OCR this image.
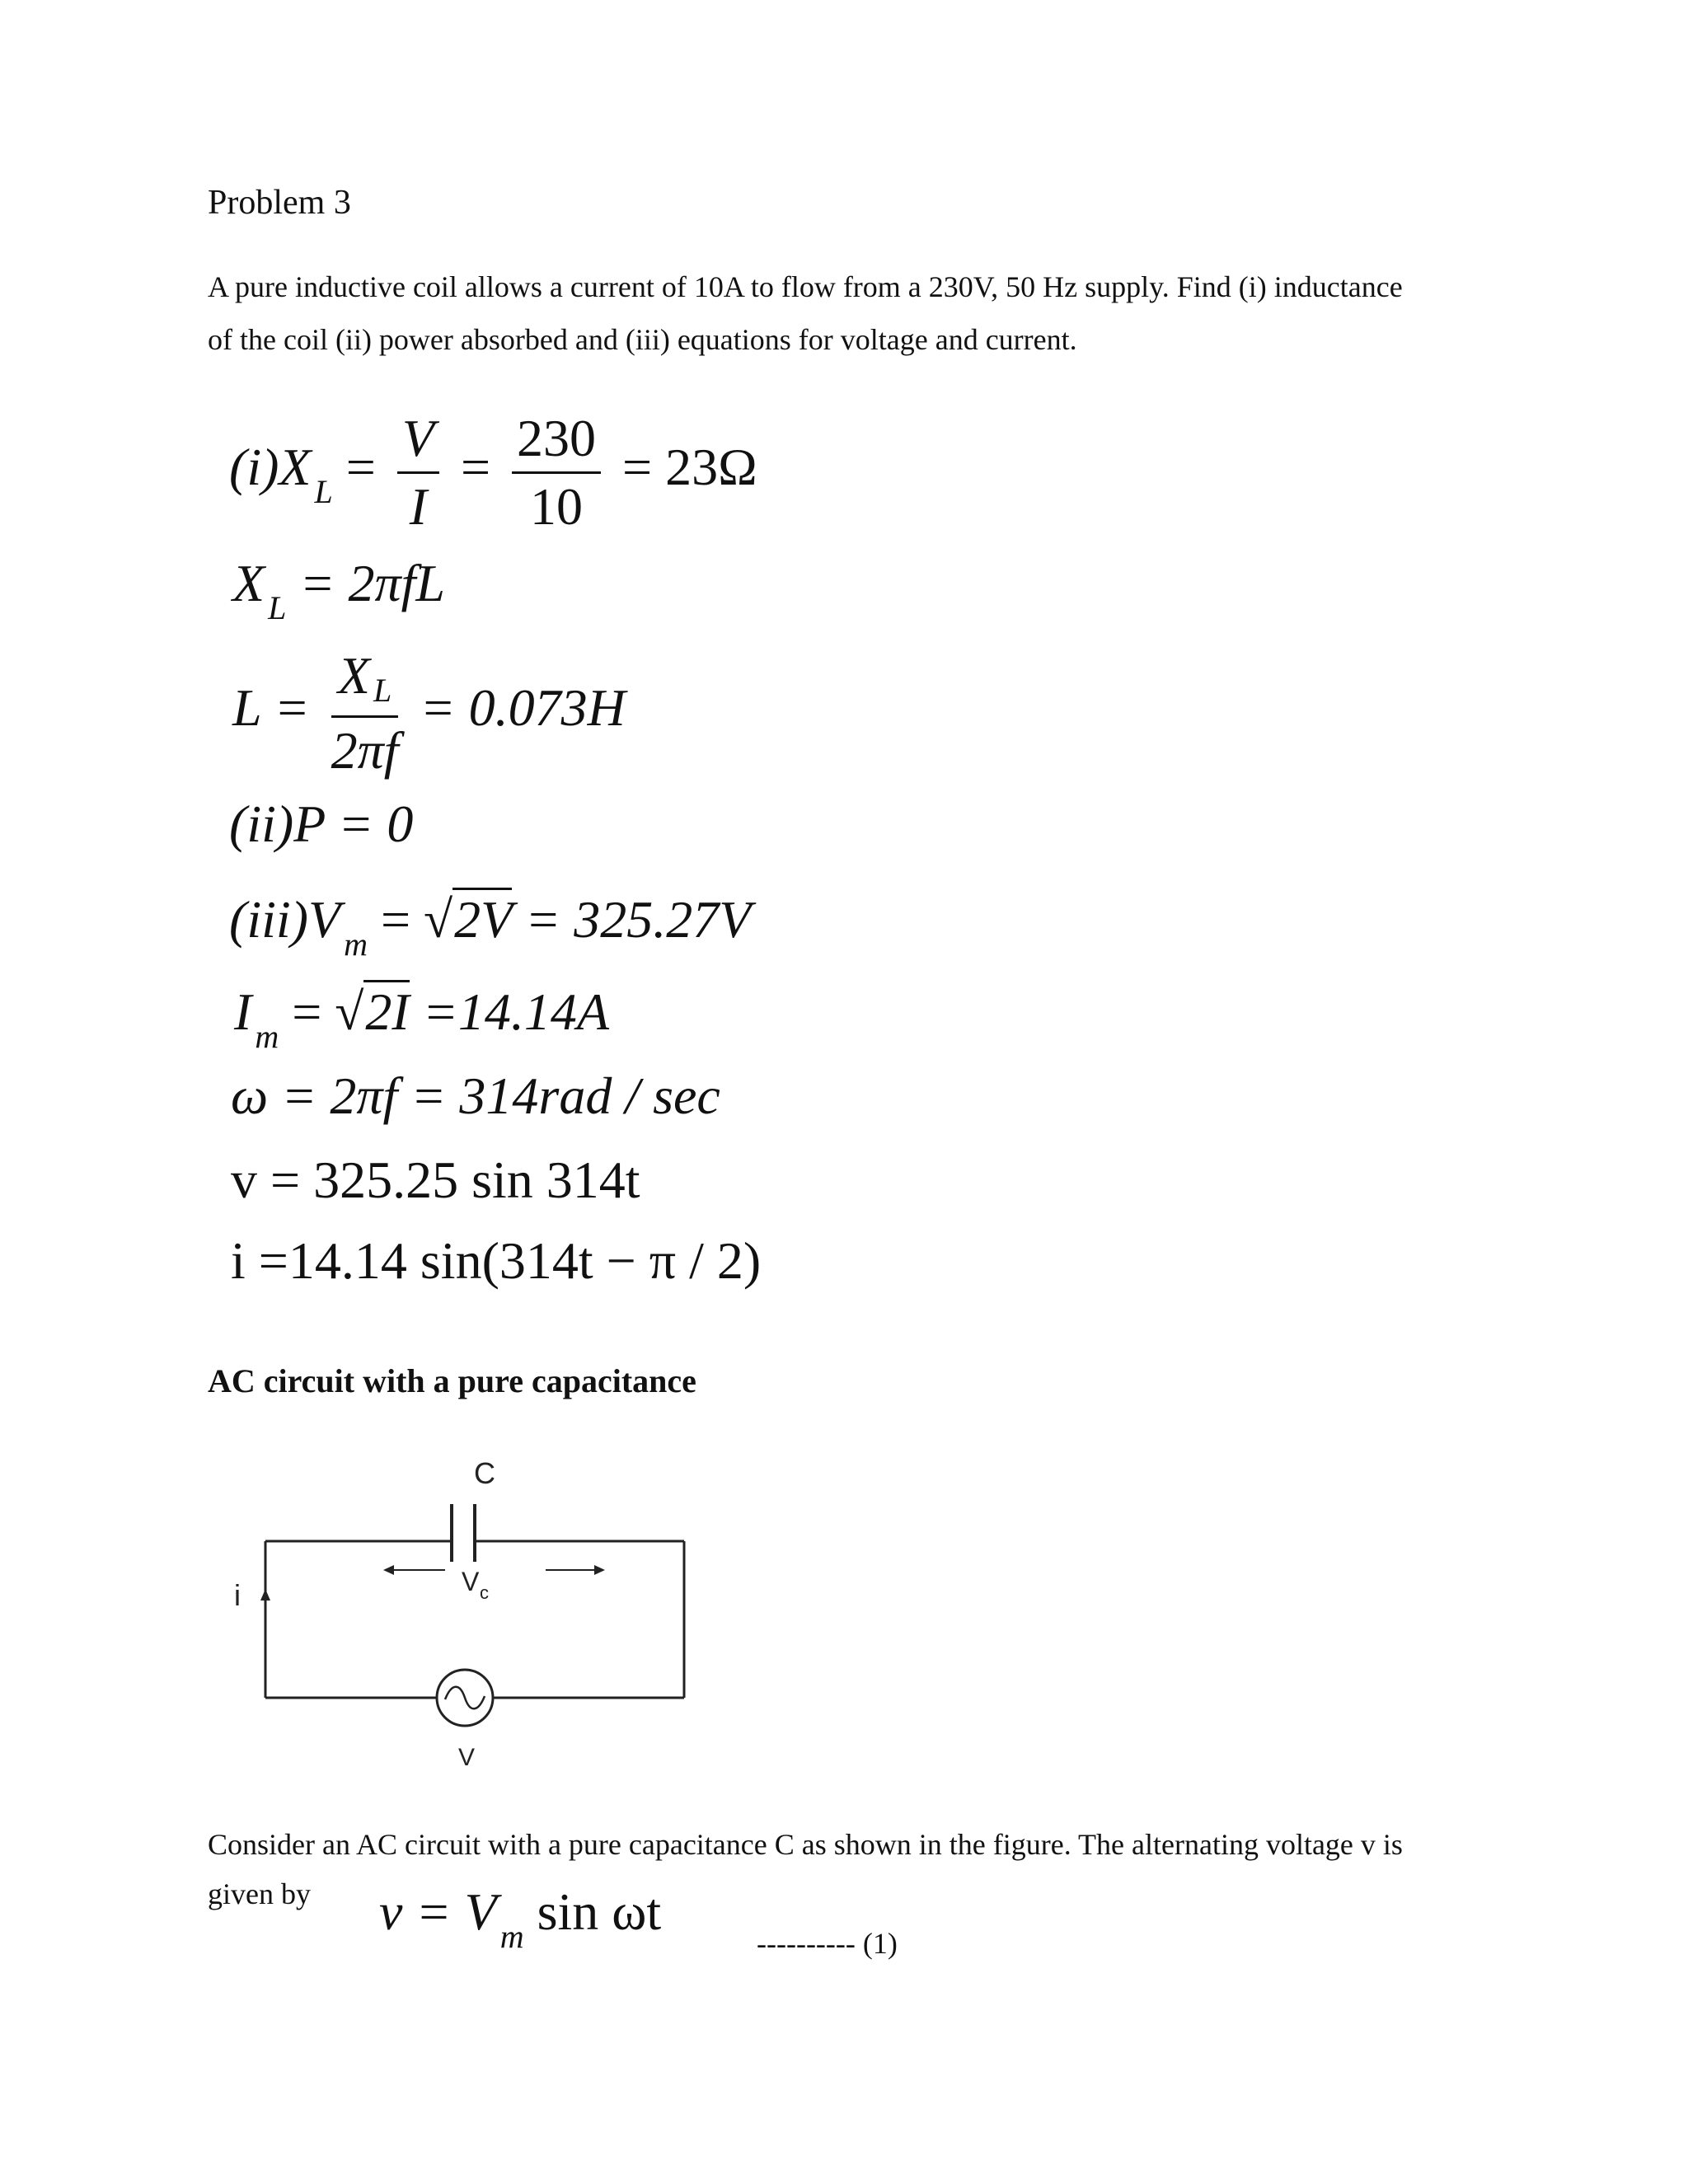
Problem 3
A pure inductive coil allows a current of 10A to flow from a 230V, 50 Hz supply. Find (i) inductance
of the coil (ii) power absorbed and (iii) equations for voltage and current.
(i)X $_L = \frac{V}{I} = \frac{230}{10} = 23\Omega$
X $_L$ = 2πfL
$L = \frac{\text{X L}}{2\pi f} = 0.073H$
(ii)P = 0
(iii)V $_m$ = √2V = 325.27V
I $_m$ = √2I =14.14A
ω = 2πf = 314rad / sec
v = 325.25 sin 314t
i =14.14 sin(314t − π / 2)
AC circuit with a pure capacitance
C
V c
i
V
Consider an AC circuit with a pure capacitance C as shown in the figure. The alternating voltage v is
given by v = V $_m$ sin ωt
---------- (1)
